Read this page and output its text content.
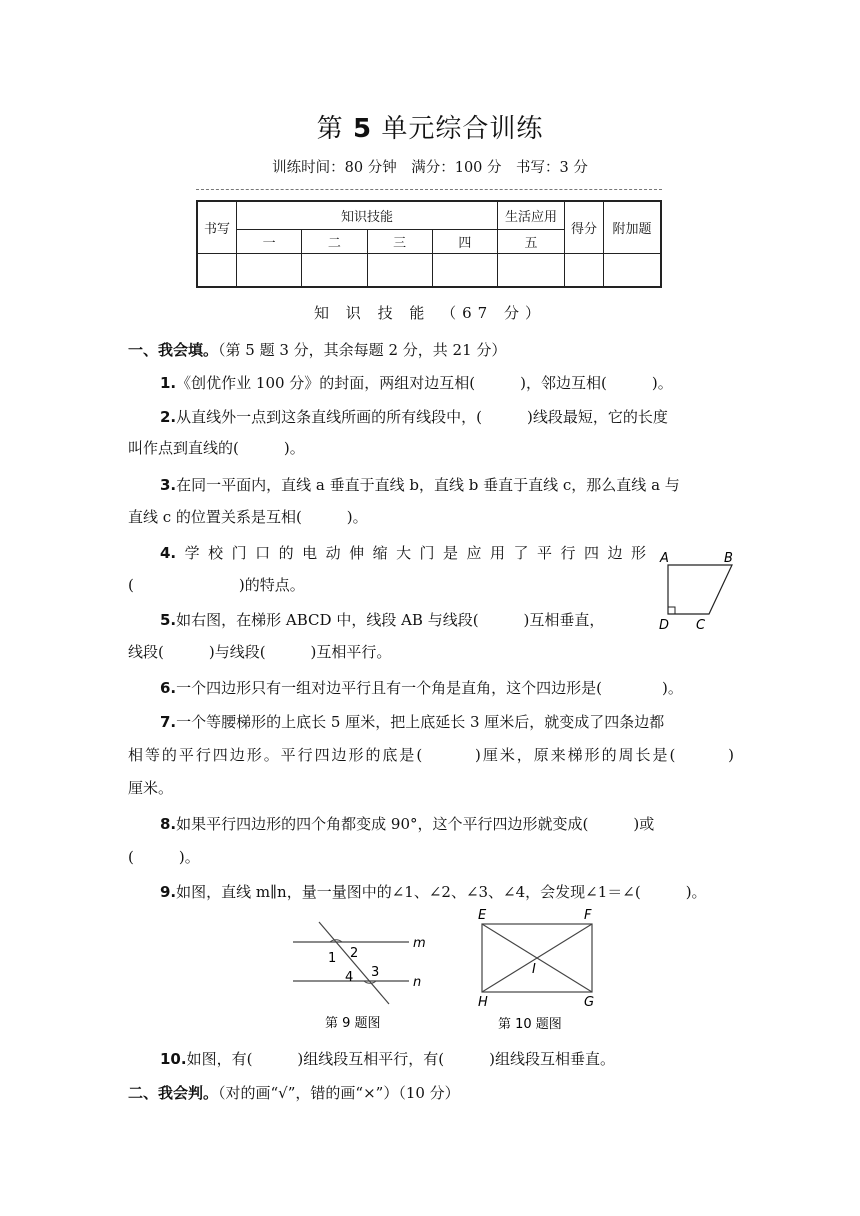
第 5 单元综合训练
训练时间：80 分钟　满分：100 分　书写：3 分
书写	知识技能				生活应用	得分	附加题
	一	二	三	四	五		

知 识 技 能 （67 分）
一、我会填。（第 5 题 3 分，其余每题 2 分，共 21 分）
1.《创优作业 100 分》的封面，两组对边互相(　　　)，邻边互相(　　　)。
2.从直线外一点到这条直线所画的所有线段中，(　　　)线段最短，它的长度
叫作点到直线的(　　　)。
3.在同一平面内，直线 a 垂直于直线 b，直线 b 垂直于直线 c，那么直线 a 与
直线 c 的位置关系是互相(　　　)。
4.学校门口的电动伸缩大门是应用了平行四边形
(　　　　　　　)的特点。
5.如右图，在梯形 ABCD 中，线段 AB 与线段(　　　)互相垂直，
线段(　　　)与线段(　　　)互相平行。
A	B
C
D
6.一个四边形只有一组对边平行且有一个角是直角，这个四边形是(　　　　)。
7.一个等腰梯形的上底长 5 厘米，把上底延长 3 厘米后，就变成了四条边都
相等的平行四边形。平行四边形的底是(　　　)厘米，原来梯形的周长是(　　　)
厘米。
8.如果平行四边形的四个角都变成 90°，这个平行四边形就变成(　　　)或
(　　　)。
9.如图，直线 m∥n，量一量图中的∠1、∠2、∠3、∠4，会发现∠1＝∠(　　　)。
m
n
1 2
3
4
第 9 题图
E	F
G
H
I
第 10 题图
10.如图，有(　　　)组线段互相平行，有(　　　)组线段互相垂直。
二、我会判。（对的画“√”，错的画“×”）（10 分）
